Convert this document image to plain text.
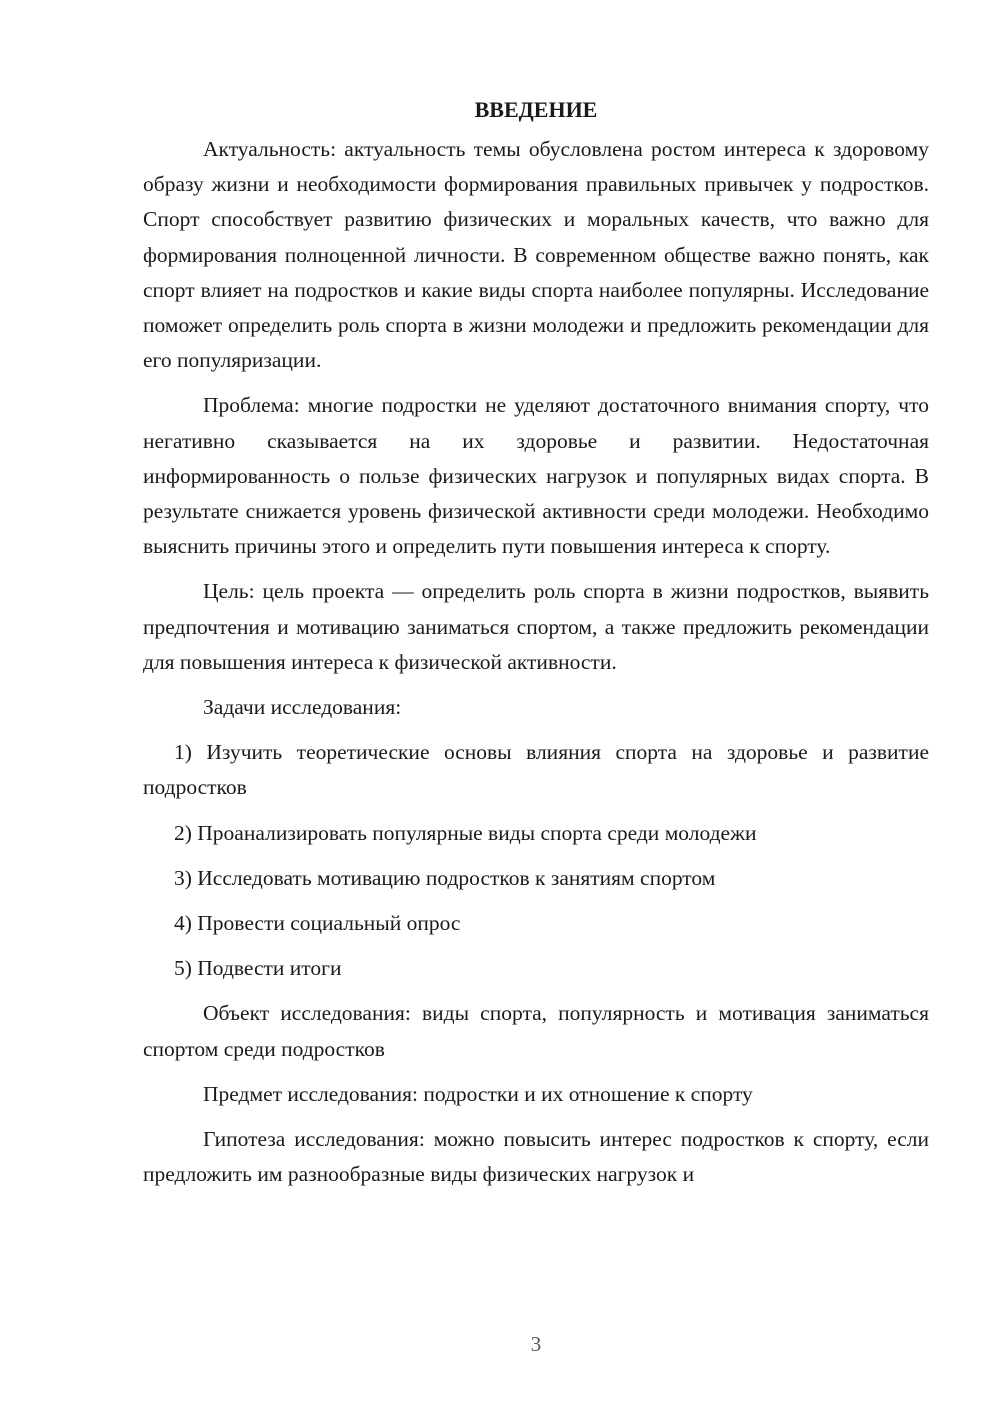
ВВЕДЕНИЕ

Актуальность: актуальность темы обусловлена ростом интереса к здоровому образу жизни и необходимости формирования правильных привычек у подростков. Спорт способствует развитию физических и моральных качеств, что важно для формирования полноценной личности. В современном обществе важно понять, как спорт влияет на подростков и какие виды спорта наиболее популярны. Исследование поможет определить роль спорта в жизни молодежи и предложить рекомендации для его популяризации.

Проблема: многие подростки не уделяют достаточного внимания спорту, что негативно сказывается на их здоровье и развитии. Недостаточная информированность о пользе физических нагрузок и популярных видах спорта. В результате снижается уровень физической активности среди молодежи. Необходимо выяснить причины этого и определить пути повышения интереса к спорту.

Цель: цель проекта — определить роль спорта в жизни подростков, выявить предпочтения и мотивацию заниматься спортом, а также предложить рекомендации для повышения интереса к физической активности.

Задачи исследования:

1) Изучить теоретические основы влияния спорта на здоровье и развитие подростков

2) Проанализировать популярные виды спорта среди молодежи

3) Исследовать мотивацию подростков к занятиям спортом

4) Провести социальный опрос

5) Подвести итоги

Объект исследования: виды спорта, популярность и мотивация заниматься спортом среди подростков

Предмет исследования: подростки и их отношение к спорту

Гипотеза исследования: можно повысить интерес подростков к спорту, если предложить им разнообразные виды физических нагрузок и

3
